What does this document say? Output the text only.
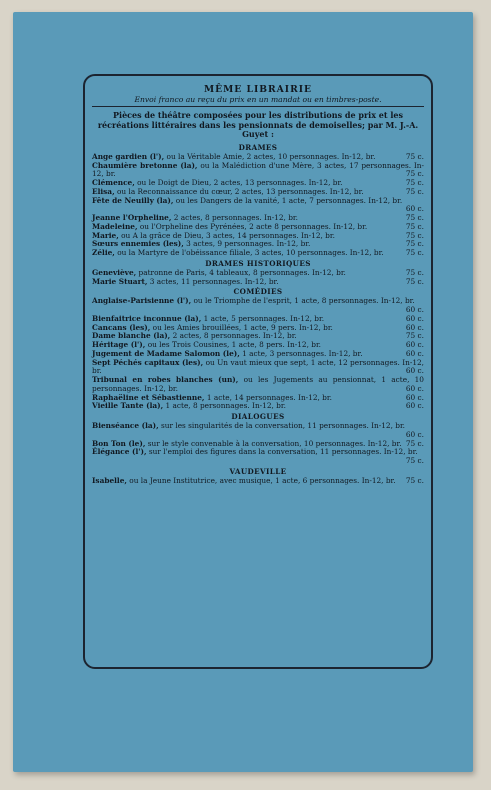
MÊME LIBRAIRIE
Envoi franco au reçu du prix en un mandat ou en timbres-poste.
Pièces de théâtre composées pour les distributions de prix et les récréations littéraires dans les pensionnats de demoiselles; par M. J.-A. Guyet :
DRAMES
Ange gardien (l'), ou la Véritable Amie, 2 actes, 10 personnages. In-12, br.	75 c.
Chaumière bretonne (la), ou la Malédiction d'une Mère, 3 actes, 17 personnages. In-12, br.	75 c.
Clémence, ou le Doigt de Dieu, 2 actes, 13 personnages. In-12, br.	75 c.
Elisa, ou la Reconnaissance du cœur, 2 actes, 13 personnages. In-12, br.	75 c.
Fête de Neuilly (la), ou les Dangers de la vanité, 1 acte, 7 personnages. In-12, br.
60 c.
Jeanne l'Orpheline, 2 actes, 8 personnages. In-12, br.	75 c.
Madeleine, ou l'Orpheline des Pyrénées, 2 acte 8 personnages. In-12, br.	75 c.
Marie, ou A la grâce de Dieu, 3 actes, 14 personnages. In-12, br.	75 c.
Sœurs ennemies (les), 3 actes, 9 personnages. In-12, br.	75 c.
Zélie, ou la Martyre de l'obéissance filiale, 3 actes, 10 personnages. In-12, br.	75 c.
DRAMES HISTORIQUES
Geneviève, patronne de Paris, 4 tableaux, 8 personnages. In-12, br.	75 c.
Marie Stuart, 3 actes, 11 personnages. In-12, br.	75 c.
COMÉDIES
Anglaise-Parisienne (l'), ou le Triomphe de l'esprit, 1 acte, 8 personnages. In-12, br.
60 c.
Bienfaitrice inconnue (la), 1 acte, 5 personnages. In-12, br.	60 c.
Cancans (les), ou les Amies brouillées, 1 acte, 9 pers. In-12, br.	60 c.
Dame blanche (la), 2 actes, 8 personnages. In-12, br.	75 c.
Héritage (l'), ou les Trois Cousines, 1 acte, 8 pers. In-12, br.	60 c.
Jugement de Madame Salomon (le), 1 acte, 3 personnages. In-12, br.	60 c.
Sept Péchés capitaux (les), ou Un vaut mieux que sept, 1 acte, 12 personnages. In-12, br.	60 c.
Tribunal en robes blanches (un), ou les Jugements au pensionnat, 1 acte, 10 personnages. In-12, br.	60 c.
Raphaëline et Sébastienne, 1 acte, 14 personnages. In-12, br.	60 c.
Vieille Tante (la), 1 acte, 8 personnages. In-12, br.	60 c.
DIALOGUES
Bienséance (la), sur les singularités de la conversation, 11 personnages. In-12, br.
60 c.
Bon Ton (le), sur le style convenable à la conversation, 10 personnages. In-12, br. 75 c.
Élégance (l'), sur l'emploi des figures dans la conversation, 11 personnages. In-12, br.
75 c.
VAUDEVILLE
Isabelle, ou la Jeune Institutrice, avec musique, 1 acte, 6 personnages. In-12, br. 75 c.
